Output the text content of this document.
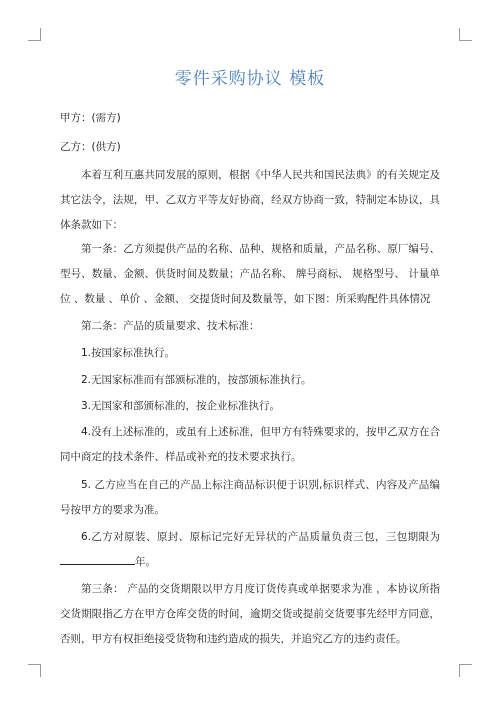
零件采购协议 模板
甲方：(需方)
乙方：(供方)
本着互利互惠共同发展的原则，根据《中华人民共和国民法典》的有关规定及其它法令，法规，甲、乙双方平等友好协商，经双方协商一致，特制定本协议，具体条款如下：
第一条：乙方须提供产品的名称、品种、规格和质量，产品名称、原厂编号、型号、数量、金额、供货时间及数量；产品名称、 牌号商标、 规格型号、 计量单位 、数量 、单价 、金额、 交提货时间及数量等，如下图：所采购配件具体情况
第二条：产品的质量要求、技术标准：
1.按国家标准执行。
2.无国家标准而有部颁标准的，按部颁标准执行。
3.无国家和部颁标准的，按企业标准执行。
4.没有上述标准的，或虽有上述标准，但甲方有特殊要求的，按甲乙双方在合同中商定的技术条件、样品或补充的技术要求执行。
5. 乙方应当在自己的产品上标注商品标识便于识别,标识样式、内容及产品编号按甲方的要求为准。
6.乙方对原装、原封、原标记完好无异状的产品质量负责三包，三包期限为年。
第三条： 产品的交货期限以甲方月度订货传真或单据要求为准 ，本协议所指交货期限指乙方在甲方仓库交货的时间，逾期交货或提前交货要事先经甲方同意，否则，甲方有权拒绝接受货物和违约造成的损失，并追究乙方的违约责任。
